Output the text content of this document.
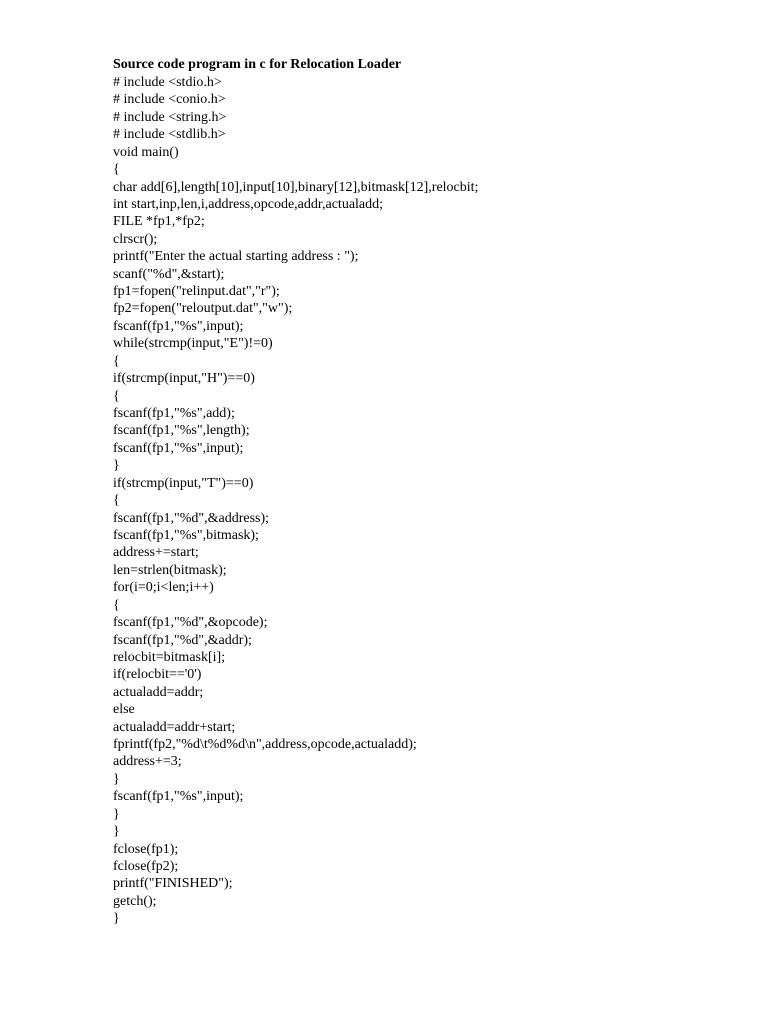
Source code program in c for Relocation Loader
# include <stdio.h>
# include <conio.h>
# include <string.h>
# include <stdlib.h>
void main()
{
char add[6],length[10],input[10],binary[12],bitmask[12],relocbit;
int start,inp,len,i,address,opcode,addr,actualadd;
FILE *fp1,*fp2;
clrscr();
printf("Enter the actual starting address : ");
scanf("%d",&start);
fp1=fopen("relinput.dat","r");
fp2=fopen("reloutput.dat","w");
fscanf(fp1,"%s",input);
while(strcmp(input,"E")!=0)
{
if(strcmp(input,"H")==0)
{
fscanf(fp1,"%s",add);
fscanf(fp1,"%s",length);
fscanf(fp1,"%s",input);
}
if(strcmp(input,"T")==0)
{
fscanf(fp1,"%d",&address);
fscanf(fp1,"%s",bitmask);
address+=start;
len=strlen(bitmask);
for(i=0;i<len;i++)
{
fscanf(fp1,"%d",&opcode);
fscanf(fp1,"%d",&addr);
relocbit=bitmask[i];
if(relocbit=='0')
actualadd=addr;
else
actualadd=addr+start;
fprintf(fp2,"%d\t%d%d\n",address,opcode,actualadd);
address+=3;
}
fscanf(fp1,"%s",input);
}
}
fclose(fp1);
fclose(fp2);
printf("FINISHED");
getch();
}
